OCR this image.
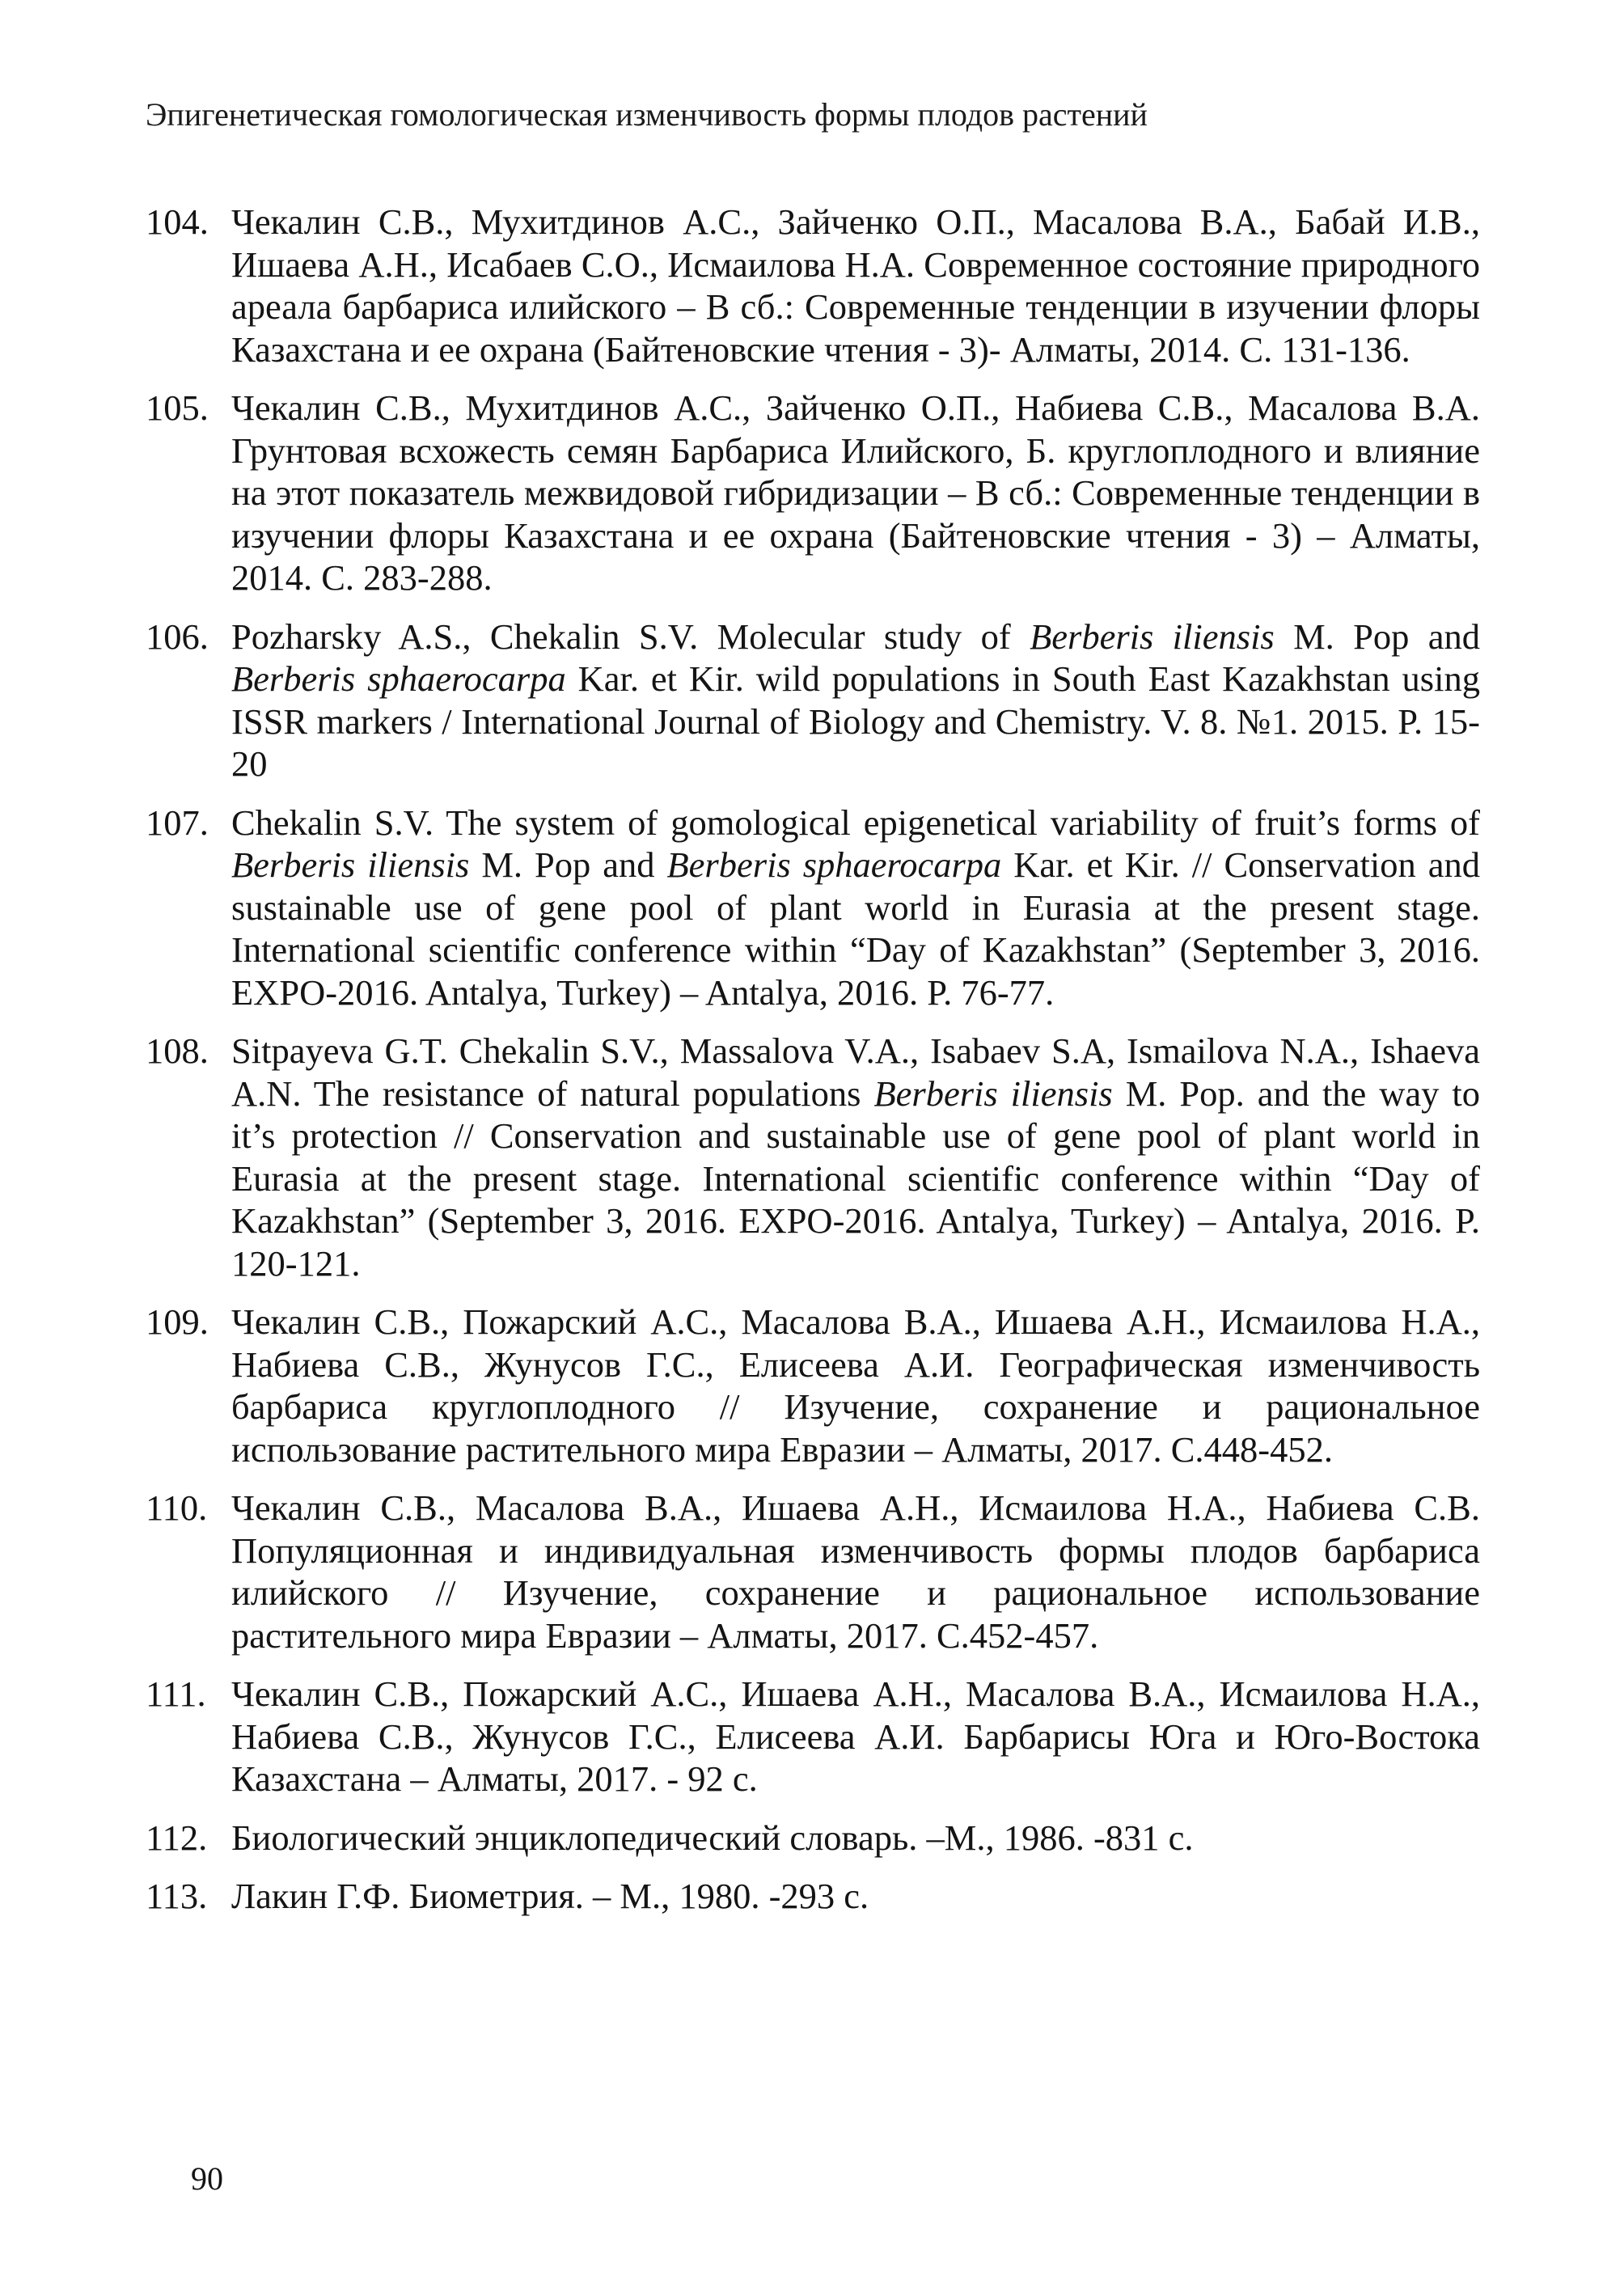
Эпигенетическая гомологическая изменчивость формы плодов растений
104. Чекалин С.В., Мухитдинов А.С., Зайченко О.П., Масалова В.А., Бабай И.В., Ишаева А.Н., Исабаев С.О., Исмаилова Н.А. Современное состояние природного ареала барбариса илийского – В сб.: Современные тенденции в изучении флоры Казахстана и ее охрана (Байтеновские чтения - 3)- Алматы, 2014. С. 131-136.
105. Чекалин С.В., Мухитдинов А.С., Зайченко О.П., Набиева С.В., Масалова В.А. Грунтовая всхожесть семян Барбариса Илийского, Б. круглоплодного и влияние на этот показатель межвидовой гибридизации – В сб.: Современные тенденции в изучении флоры Казахстана и ее охрана (Байтеновские чтения - 3) – Алматы, 2014. С. 283-288.
106. Pozharsky A.S., Chekalin S.V. Molecular study of Berberis iliensis M. Pop and Berberis sphaerocarpa Kar. et Kir. wild populations in South East Kazakhstan using ISSR markers / International Journal of Biology and Chemistry. V. 8. №1. 2015. P. 15-20
107. Chekalin S.V. The system of gomological epigenetical variability of fruit’s forms of Berberis iliensis M. Pop and Berberis sphaerocarpa Kar. et Kir. // Conservation and sustainable use of gene pool of plant world in Eurasia at the present stage. International scientific conference within “Day of Kazakhstan” (September 3, 2016. EXPO-2016. Antalya, Turkey) – Antalya, 2016. P. 76-77.
108. Sitpayeva G.T. Chekalin S.V., Massalova V.A., Isabaev S.A, Ismailova N.A., Ishaeva A.N. The resistance of natural populations Berberis iliensis M. Pop. and the way to it’s protection // Conservation and sustainable use of gene pool of plant world in Eurasia at the present stage. International scientific conference within “Day of Kazakhstan” (September 3, 2016. EXPO-2016. Antalya, Turkey) – Antalya, 2016. P. 120-121.
109. Чекалин С.В., Пожарский А.С., Масалова В.А., Ишаева А.Н., Исмаилова Н.А., Набиева С.В., Жунусов Г.С., Елисеева А.И. Географическая изменчивость барбариса круглоплодного // Изучение, сохранение и рациональное использование растительного мира Евразии – Алматы, 2017. С.448-452.
110. Чекалин С.В., Масалова В.А., Ишаева А.Н., Исмаилова Н.А., Набиева С.В. Популяционная и индивидуальная изменчивость формы плодов барбариса илийского // Изучение, сохранение и рациональное использование растительного мира Евразии – Алматы, 2017. С.452-457.
111. Чекалин С.В., Пожарский А.С., Ишаева А.Н., Масалова В.А., Исмаилова Н.А., Набиева С.В., Жунусов Г.С., Елисеева А.И. Барбарисы Юга и Юго-Востока Казахстана – Алматы, 2017. - 92 с.
112. Биологический энциклопедический словарь. –М., 1986. -831 с.
113. Лакин Г.Ф. Биометрия. – М., 1980. -293 с.
90
